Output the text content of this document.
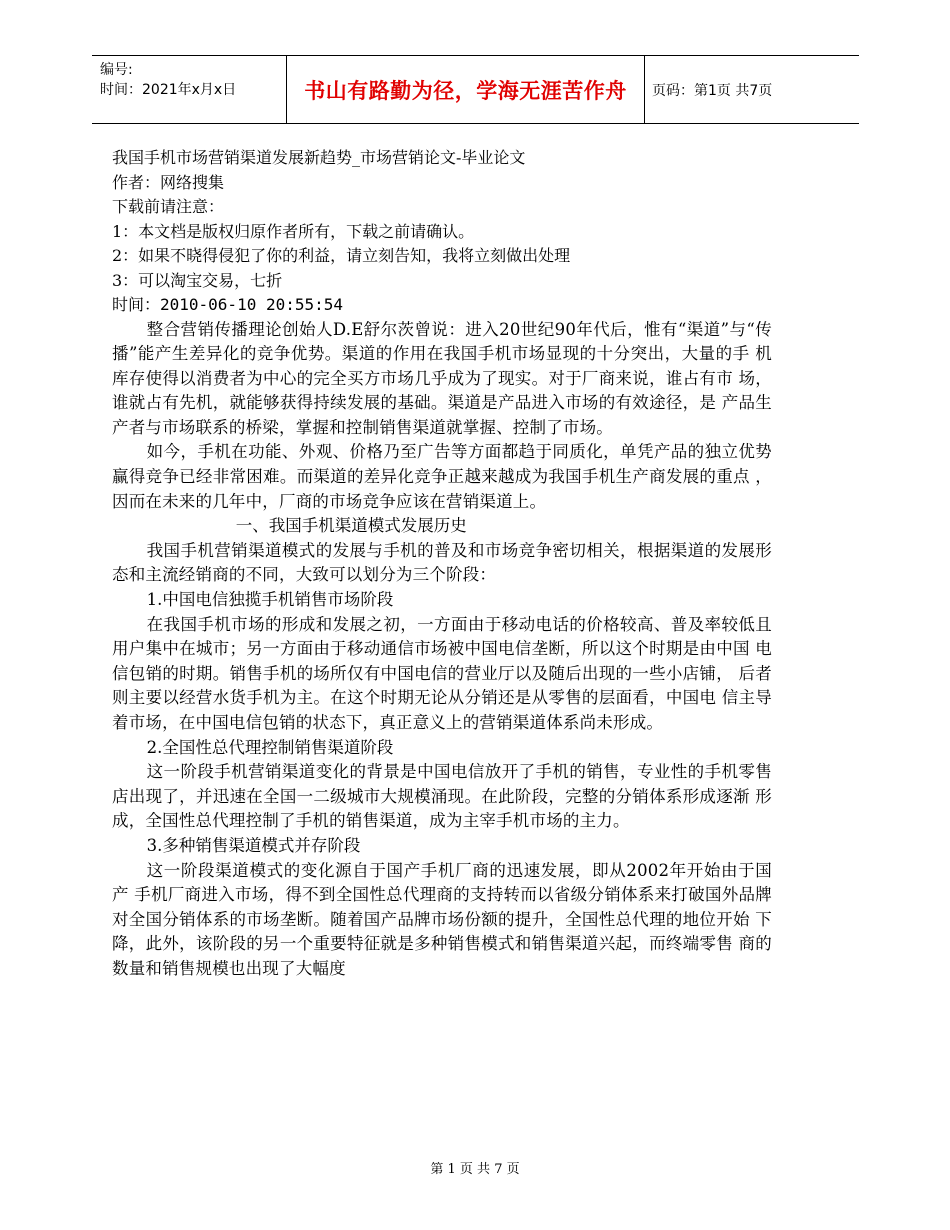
编号:
时间：2021年x月x日	书山有路勤为径，学海无涯苦作舟 页码：第1页 共7页
我国手机市场营销渠道发展新趋势_市场营销论文-毕业论文
作者：网络搜集
下载前请注意：
1：本文档是版权归原作者所有，下载之前请确认。
2：如果不晓得侵犯了你的利益，请立刻告知，我将立刻做出处理
3：可以淘宝交易，七折
时间：2010-06-10 20:55:54

整合营销传播理论创始人D.E舒尔茨曾说：进入20世纪90年代后，惟有“渠道”与“传 播”能产生差异化的竞争优势。渠道的作用在我国手机市场显现的十分突出，大量的手 机库存使得以消费者为中心的完全买方市场几乎成为了现实。对于厂商来说，谁占有市 场，谁就占有先机，就能够获得持续发展的基础。渠道是产品进入市场的有效途径，是 产品生产者与市场联系的桥梁，掌握和控制销售渠道就掌握、控制了市场。

如今，手机在功能、外观、价格乃至广告等方面都趋于同质化，单凭产品的独立优势 赢得竞争已经非常困难。而渠道的差异化竞争正越来越成为我国手机生产商发展的重点 ，因而在未来的几年中，厂商的市场竞争应该在营销渠道上。

一、我国手机渠道模式发展历史

我国手机营销渠道模式的发展与手机的普及和市场竞争密切相关，根据渠道的发展形 态和主流经销商的不同，大致可以划分为三个阶段：

1.中国电信独揽手机销售市场阶段

在我国手机市场的形成和发展之初，一方面由于移动电话的价格较高、普及率较低且 用户集中在城市；另一方面由于移动通信市场被中国电信垄断，所以这个时期是由中国 电信包销的时期。销售手机的场所仅有中国电信的营业厅以及随后出现的一些小店铺， 后者则主要以经营水货手机为主。在这个时期无论从分销还是从零售的层面看，中国电 信主导着市场，在中国电信包销的状态下，真正意义上的营销渠道体系尚未形成。

2.全国性总代理控制销售渠道阶段

这一阶段手机营销渠道变化的背景是中国电信放开了手机的销售，专业性的手机零售 店出现了，并迅速在全国一二级城市大规模涌现。在此阶段，完整的分销体系形成逐渐 形成，全国性总代理控制了手机的销售渠道，成为主宰手机市场的主力。

3.多种销售渠道模式并存阶段

这一阶段渠道模式的变化源自于国产手机厂商的迅速发展，即从2002年开始由于国产 手机厂商进入市场，得不到全国性总代理商的支持转而以省级分销体系来打破国外品牌 对全国分销体系的市场垄断。随着国产品牌市场份额的提升，全国性总代理的地位开始 下降，此外，该阶段的另一个重要特征就是多种销售模式和销售渠道兴起，而终端零售 商的数量和销售规模也出现了大幅度

第 1 页 共 7 页
